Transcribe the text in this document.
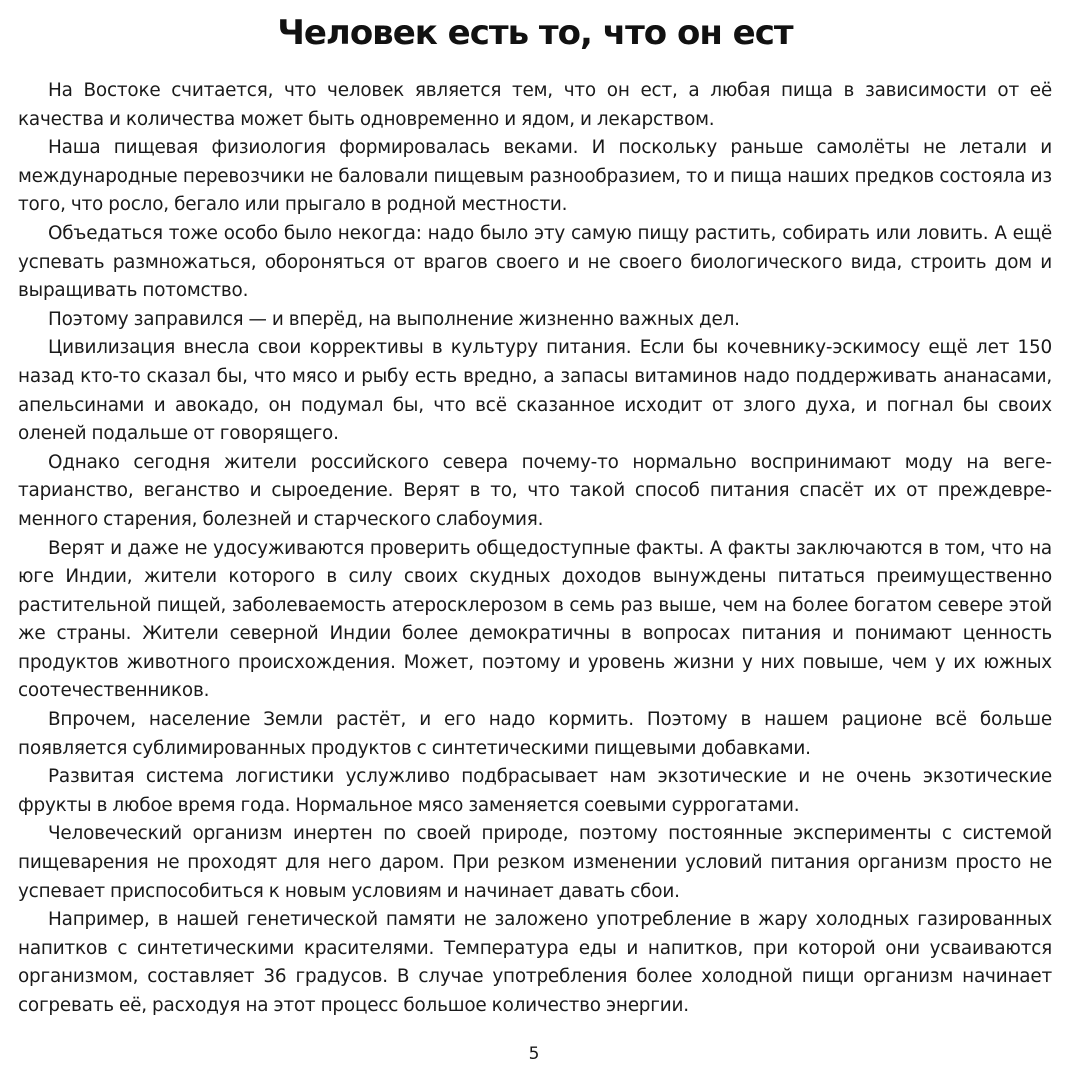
Человек есть то, что он ест

На Востоке считается, что человек является тем, что он ест, а любая пища в зависимости от её качества и количества может быть одновременно и ядом, и лекарством.

Наша пищевая физиология формировалась веками. И поскольку раньше самолёты не летали и международные перевозчики не баловали пищевым разнообразием, то и пища наших предков состояла из того, что росло, бегало или прыгало в родной местности.

Объедаться тоже особо было некогда: надо было эту самую пищу растить, собирать или ловить. А ещё успевать размножаться, обороняться от врагов своего и не своего биологического вида, строить дом и выращивать потомство.

Поэтому заправился — и вперёд, на выполнение жизненно важных дел.

Цивилизация внесла свои коррективы в культуру питания. Если бы кочевнику-эскимосу ещё лет 150 назад кто-то сказал бы, что мясо и рыбу есть вредно, а запасы витаминов надо поддерживать ананасами, апельсинами и авокадо, он подумал бы, что всё сказанное исходит от злого духа, и погнал бы своих оленей подальше от говорящего.

Однако сегодня жители российского севера почему-то нормально воспринимают моду на вегетарианство, веганство и сыроедение. Верят в то, что такой способ питания спасёт их от преждевременного старения, болезней и старческого слабоумия.

Верят и даже не удосуживаются проверить общедоступные факты. А факты заключаются в том, что на юге Индии, жители которого в силу своих скудных доходов вынуждены питаться преимущественно растительной пищей, заболеваемость атеросклерозом в семь раз выше, чем на более богатом севере этой же страны. Жители северной Индии более демократичны в вопросах питания и понимают ценность продуктов животного происхождения. Может, поэтому и уровень жизни у них повыше, чем у их южных соотечественников.

Впрочем, население Земли растёт, и его надо кормить. Поэтому в нашем рационе всё больше появляется сублимированных продуктов с синтетическими пищевыми добавками.

Развитая система логистики услужливо подбрасывает нам экзотические и не очень экзотические фрукты в любое время года. Нормальное мясо заменяется соевыми суррогатами.

Человеческий организм инертен по своей природе, поэтому постоянные эксперименты с системой пищеварения не проходят для него даром. При резком изменении условий питания организм просто не успевает приспособиться к новым условиям и начинает давать сбои.

Например, в нашей генетической памяти не заложено употребление в жару холодных газированных напитков с синтетическими красителями. Температура еды и напитков, при которой они усваиваются организмом, составляет 36 градусов. В случае употребления более холодной пищи организм начинает согревать её, расходуя на этот процесс большое количество энергии.

5
